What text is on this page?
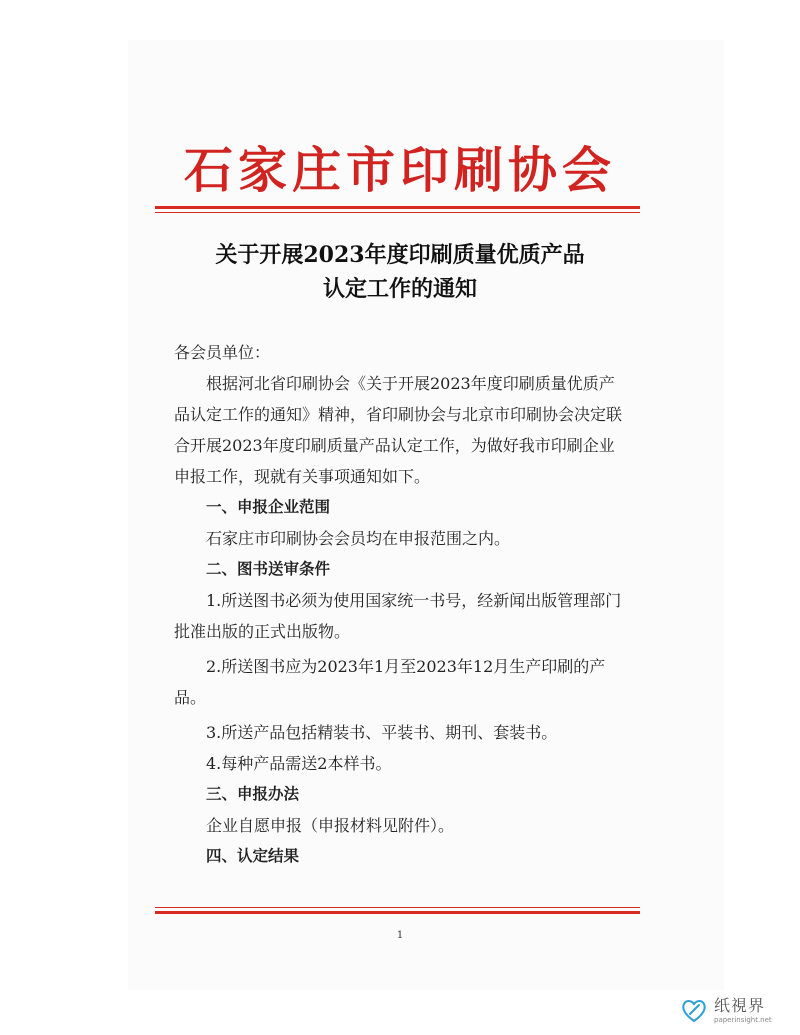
石家庄市印刷协会
关于开展2023年度印刷质量优质产品
认定工作的通知
各会员单位：
根据河北省印刷协会《关于开展2023年度印刷质量优质产
品认定工作的通知》精神，省印刷协会与北京市印刷协会决定联
合开展2023年度印刷质量产品认定工作，为做好我市印刷企业
申报工作，现就有关事项通知如下。
一、申报企业范围
石家庄市印刷协会会员均在申报范围之内。
二、图书送审条件
1.所送图书必须为使用国家统一书号，经新闻出版管理部门
批准出版的正式出版物。
2.所送图书应为2023年1月至2023年12月生产印刷的产
品。
3.所送产品包括精装书、平装书、期刊、套装书。
4.每种产品需送2本样书。
三、申报办法
企业自愿申报（申报材料见附件）。
四、认定结果
1
纸視界
paperinsight.net
